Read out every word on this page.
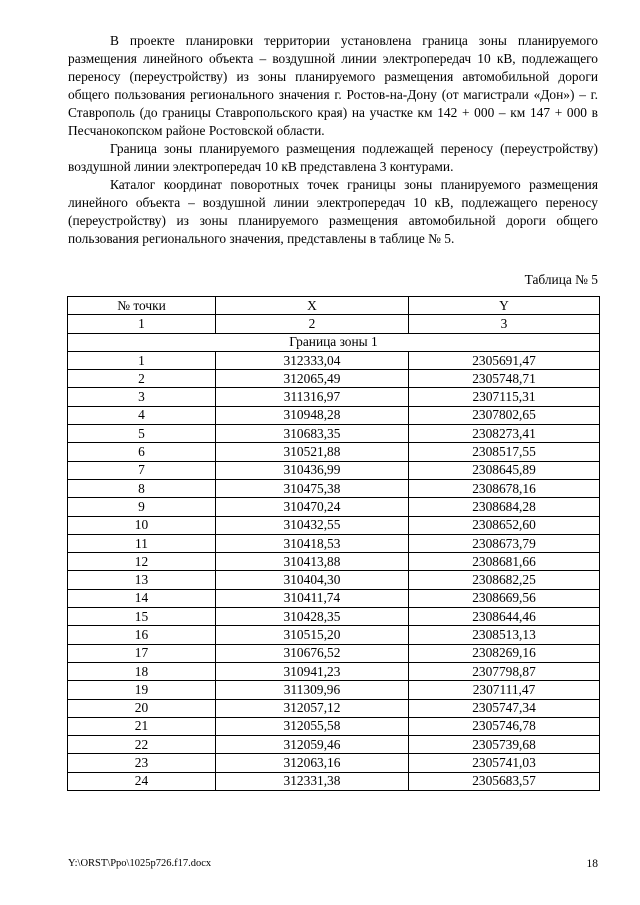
В проекте планировки территории установлена граница зоны планируемого размещения линейного объекта – воздушной линии электропередач 10 кВ, подлежащего переносу (переустройству) из зоны планируемого размещения автомобильной дороги общего пользования регионального значения г. Ростов-на-Дону (от магистрали «Дон») – г. Ставрополь (до границы Ставропольского края) на участке км 142 + 000 – км 147 + 000 в Песчанокопском районе Ростовской области.

Граница зоны планируемого размещения подлежащей переносу (переустройству) воздушной линии электропередач 10 кВ представлена 3 контурами.

Каталог координат поворотных точек границы зоны планируемого размещения линейного объекта – воздушной линии электропередач 10 кВ, подлежащего переносу (переустройству) из зоны планируемого размещения автомобильной дороги общего пользования регионального значения, представлены в таблице № 5.

Таблица № 5
№ точки	X	Y
1	2	3
Граница зоны 1		
1	312333,04	2305691,47
2	312065,49	2305748,71
3	311316,97	2307115,31
4	310948,28	2307802,65
5	310683,35	2308273,41
6	310521,88	2308517,55
7	310436,99	2308645,89
8	310475,38	2308678,16
9	310470,24	2308684,28
10	310432,55	2308652,60
11	310418,53	2308673,79
12	310413,88	2308681,66
13	310404,30	2308682,25
14	310411,74	2308669,56
15	310428,35	2308644,46
16	310515,20	2308513,13
17	310676,52	2308269,16
18	310941,23	2307798,87
19	311309,96	2307111,47
20	312057,12	2305747,34
21	312055,58	2305746,78
22	312059,46	2305739,68
23	312063,16	2305741,03
24	312331,38	2305683,57
Y:\ORST\Ppo\1025p726.f17.docx	18
